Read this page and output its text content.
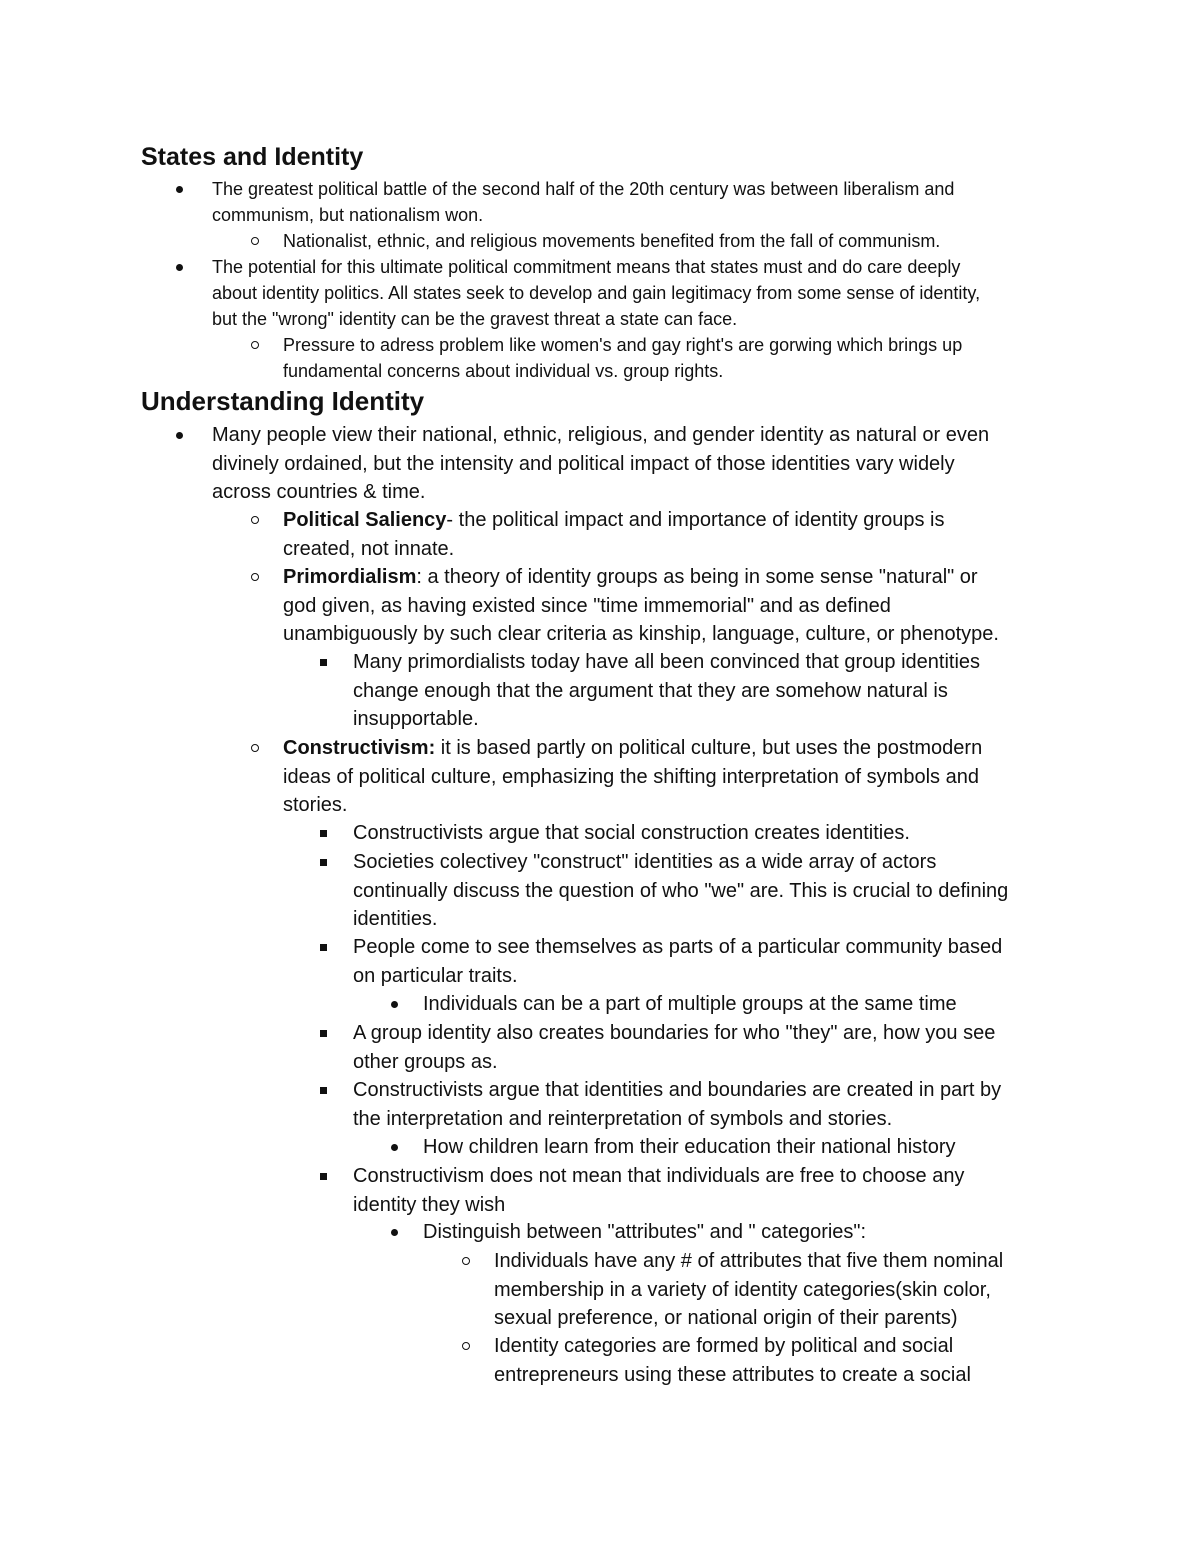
States and Identity
The greatest political battle of the second half of the 20th century was between liberalism and
communism, but nationalism won.
Nationalist, ethnic, and religious movements benefited from the fall of communism.
The potential for this ultimate political commitment means that states must and do care deeply
about identity politics. All states seek to develop and gain legitimacy from some sense of identity,
but the "wrong" identity can be the gravest threat a state can face.
Pressure to adress problem like women's and gay right's are gorwing which brings up
fundamental concerns about individual vs. group rights.
Understanding Identity
Many people view their national, ethnic, religious, and gender identity as natural or even
divinely ordained, but the intensity and political impact of those identities vary widely
across countries & time.
Political Saliency- the political impact and importance of identity groups is
created, not innate.
Primordialism: a theory of identity groups as being in some sense "natural" or
god given, as having existed since "time immemorial" and as defined
unambiguously by such clear criteria as kinship, language, culture, or phenotype.
Many primordialists today have all been convinced that group identities
change enough that the argument that they are somehow natural is
insupportable.
Constructivism: it is based partly on political culture, but uses the postmodern
ideas of political culture, emphasizing the shifting interpretation of symbols and
stories.
Constructivists argue that social construction creates identities.
Societies colectivey "construct" identities as a wide array of actors
continually discuss the question of who "we" are. This is crucial to defining
identities.
People come to see themselves as parts of a particular community based
on particular traits.
Individuals can be a part of multiple groups at the same time
A group identity also creates boundaries for who "they" are, how you see
other groups as.
Constructivists argue that identities and boundaries are created in part by
the interpretation and reinterpretation of symbols and stories.
How children learn from their education their national history
Constructivism does not mean that individuals are free to choose any
identity they wish
Distinguish between "attributes" and " categories":
Individuals have any # of attributes that five them nominal
membership in a variety of identity categories(skin color,
sexual preference, or national origin of their parents)
Identity categories are formed by political and social
entrepreneurs using these attributes to create a social
